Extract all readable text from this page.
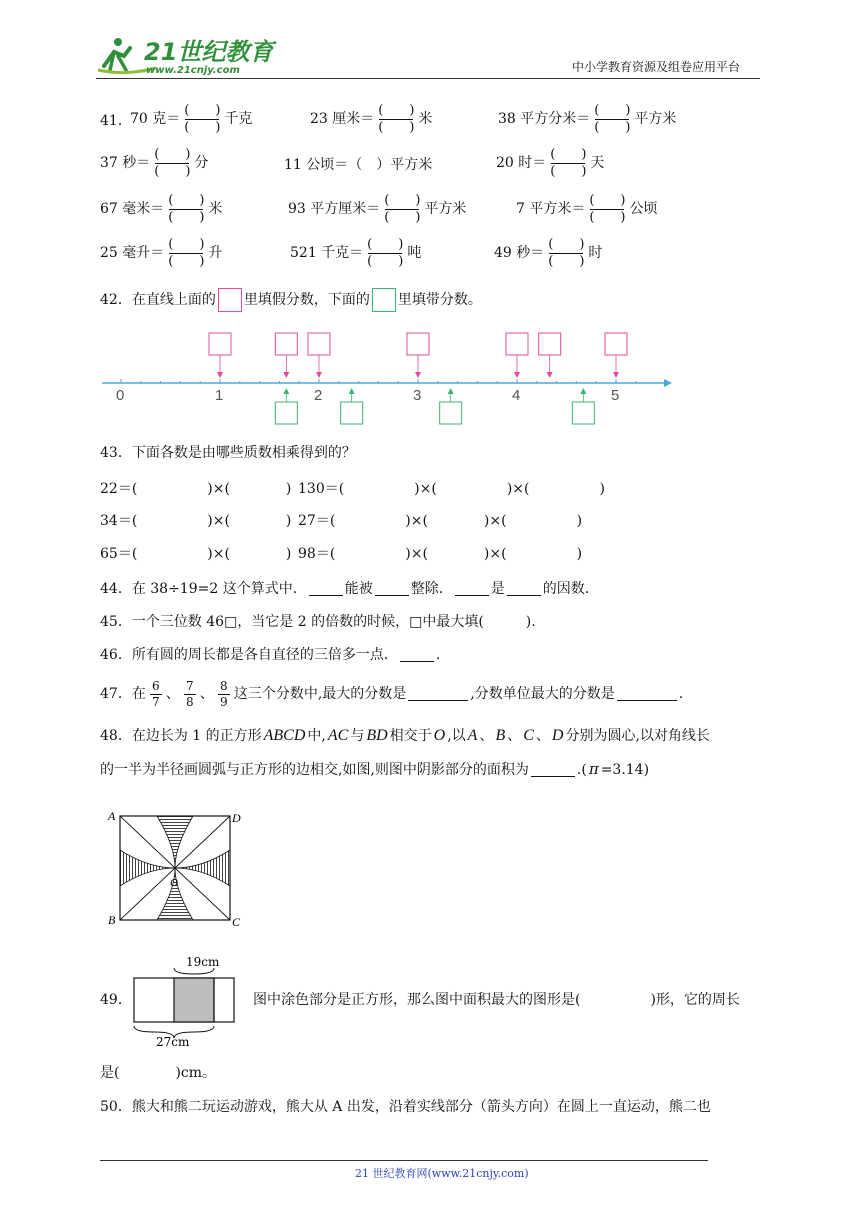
21世纪教育
www.21cnjy.com	中小学教育资源及组卷应用平台
41．
70 克＝ $\frac{( )}{( )}$ 千克	23 厘米＝ $\frac{( )}{( )}$ 米	38 平方分米＝ $\frac{( )}{( )}$ 平方米
37 秒＝ $\frac{( )}{( )}$ 分	11 公顷＝（　）平方米	20 时＝ $\frac{( )}{( )}$ 天
67 毫米＝ $\frac{( )}{( )}$ 米	93 平方厘米＝ $\frac{( )}{( )}$ 平方米	7 平方米＝ $\frac{( )}{( )}$ 公顷
25 毫升＝ $\frac{( )}{( )}$ 升	521 千克＝ $\frac{( )}{( )}$ 吨	49 秒＝ $\frac{( )}{( )}$ 时
42．在直线上面的 里填假分数，下面的 里填带分数。
0	1	2	3	4	5
43．下面各数是由哪些质数相乘得到的？
22＝(　　　　　)×(　　　　) 130＝(　　　　　)×(　　　　　)×(　　　　　)
34＝(　　　　　)×(　　　　) 27＝(　　　　　)×(　　　　)×(　　　　　)
65＝(　　　　　)×(　　　　) 98＝(　　　　　)×(　　　　)×(　　　　　)
44．在 38÷19=2 这个算式中．	能被	整除．	是	的因数．
45．一个三位数 46□，当它是 2 的倍数的时候，□中最大填(　　　).
46．所有圆的周长都是各自直径的三倍多一点．	.
47．在 $\frac{6}{7}$ 、 $\frac{7}{8}$ 、 $\frac{8}{9}$ 这三个分数中,最大的分数是	,分数单位最大的分数是	.
48．在边长为 1 的正方形 ABCD 中, AC 与 BD 相交于 O ,以 A 、 B 、 C 、 D 分别为圆心,以对角线长
的一半为半径画圆弧与正方形的边相交,如图,则图中阴影部分的面积为	.( π =3.14)
A	D
B	C
O
49．
19cm
27cm
图中涂色部分是正方形，那么图中面积最大的图形是(　　　　　)形，它的周长
是(　　　　)cm。
50．熊大和熊二玩运动游戏，熊大从 A 出发，沿着实线部分（箭头方向）在圆上一直运动，熊二也
21 世纪教育网(www.21cnjy.com)
